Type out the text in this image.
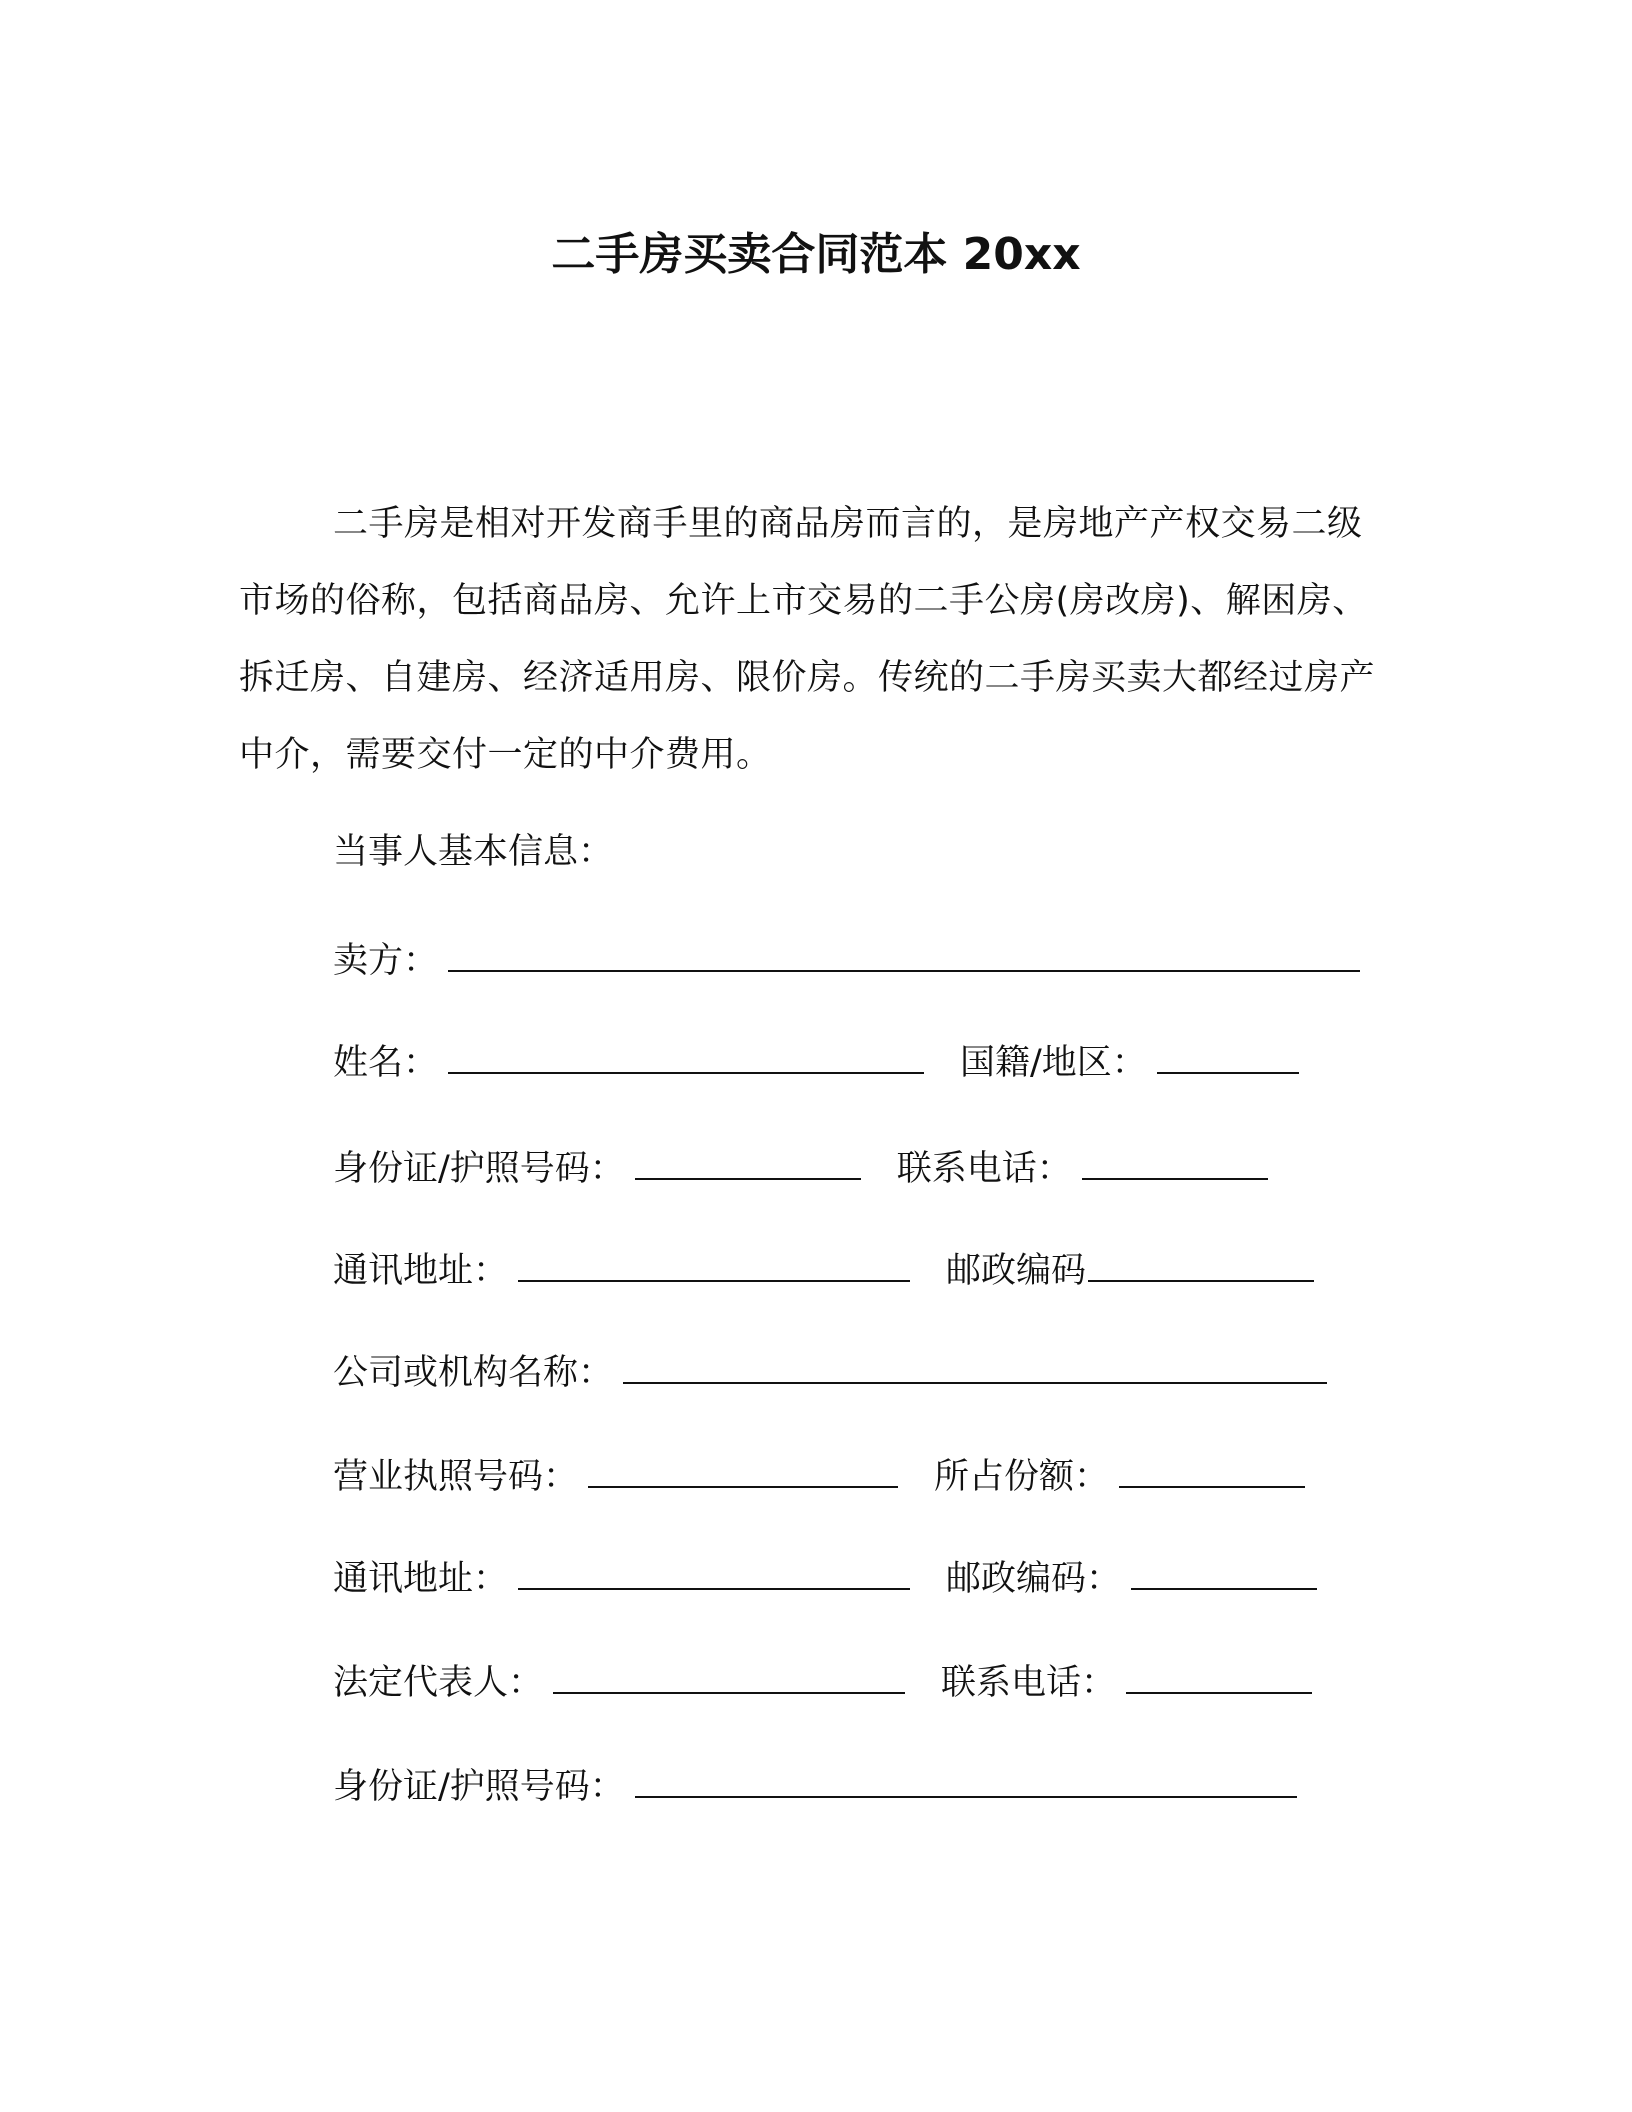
二手房买卖合同范本 20xx

二手房是相对开发商手里的商品房而言的，是房地产产权交易二级市场的俗称，包括商品房、允许上市交易的二手公房(房改房)、解困房、拆迁房、自建房、经济适用房、限价房。传统的二手房买卖大都经过房产中介，需要交付一定的中介费用。

当事人基本信息：
卖方：
姓名：	国籍/地区：
身份证/护照号码：	联系电话：
通讯地址：	邮政编码
公司或机构名称：
营业执照号码：	所占份额：
通讯地址：	邮政编码：
法定代表人：	联系电话：
身份证/护照号码：
